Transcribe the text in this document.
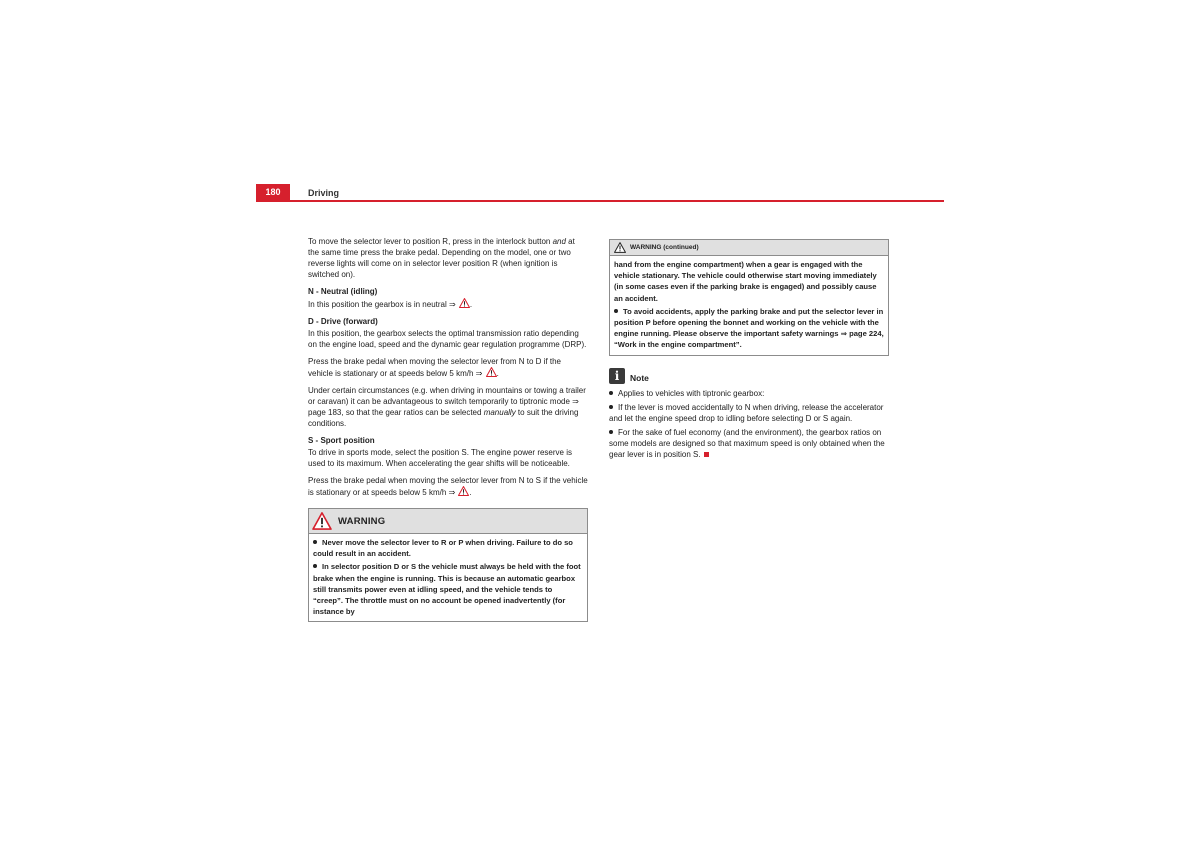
180	Driving

To move the selector lever to position R, press in the interlock button and at the same time press the brake pedal. Depending on the model, one or two reverse lights will come on in selector lever position R (when ignition is switched on).

N - Neutral (idling)

In this position the gearbox is in neutral ⇒
.

D - Drive (forward)

In this position, the gearbox selects the optimal transmission ratio depending on the engine load, speed and the dynamic gear regulation programme (DRP).

Press the brake pedal when moving the selector lever from N to D if the vehicle is stationary or at speeds below 5 km/h ⇒
.

Under certain circumstances (e.g. when driving in mountains or towing a trailer or caravan) it can be advantageous to switch temporarily to tiptronic mode ⇒ page 183, so that the gear ratios can be selected manually to suit the driving conditions.

S - Sport position

To drive in sports mode, select the position S. The engine power reserve is used to its maximum. When accelerating the gear shifts will be noticeable.

Press the brake pedal when moving the selector lever from N to S if the vehicle is stationary or at speeds below 5 km/h ⇒
.

WARNING

Never move the selector lever to R or P when driving. Failure to do so could result in an accident.

In selector position D or S the vehicle must always be held with the foot brake when the engine is running. This is because an automatic gearbox still transmits power even at idling speed, and the vehicle tends to “creep”. The throttle must on no account be opened inadvertently (for instance by

WARNING (continued)

hand from the engine compartment) when a gear is engaged with the vehicle stationary. The vehicle could otherwise start moving immediately (in some cases even if the parking brake is engaged) and possibly cause an accident.

To avoid accidents, apply the parking brake and put the selector lever in position P before opening the bonnet and working on the vehicle with the engine running. Please observe the important safety warnings ⇒ page 224, “Work in the engine compartment”.

i	Note

Applies to vehicles with tiptronic gearbox:

If the lever is moved accidentally to N when driving, release the accelerator and let the engine speed drop to idling before selecting D or S again.

For the sake of fuel economy (and the environment), the gearbox ratios on some models are designed so that maximum speed is only obtained when the gear lever is in position S.
